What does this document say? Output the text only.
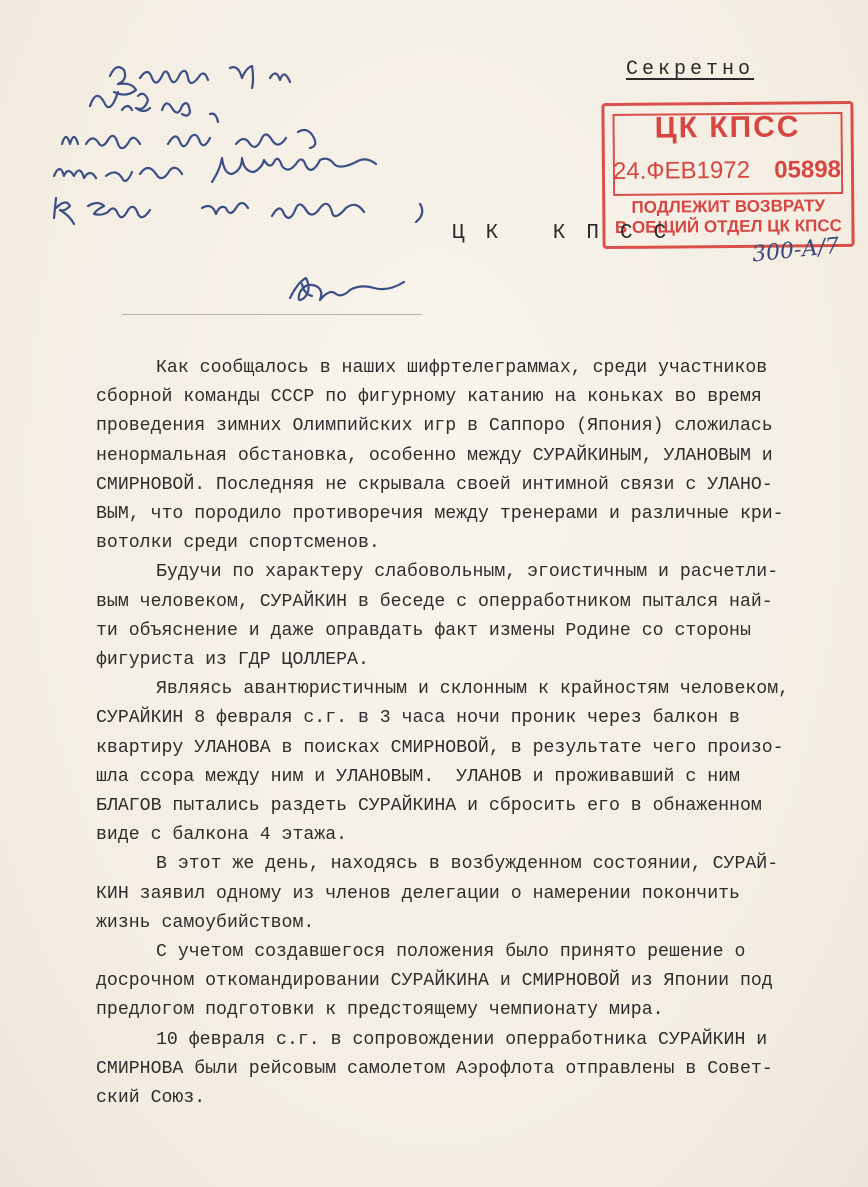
Секретно
ЦК КПСС
24.ФЕВ1972 05898
ПОДЛЕЖИТ ВОЗВРАТУ
В ОБЩИЙ ОТДЕЛ ЦК КПСС
ЦК КПСС	300-А/7
Как сообщалось в наших шифртелеграммах, среди участников
сборной команды СССР по фигурному катанию на коньках во время
проведения зимних Олимпийских игр в Саппоро (Япония) сложилась
ненормальная обстановка, особенно между СУРАЙКИНЫМ, УЛАНОВЫМ и
СМИРНОВОЙ. Последняя не скрывала своей интимной связи с УЛАНО-
ВЫМ, что породило противоречия между тренерами и различные кри-
вотолки среди спортсменов.
Будучи по характеру слабовольным, эгоистичным и расчетли-
вым человеком, СУРАЙКИН в беседе с оперработником пытался най-
ти объяснение и даже оправдать факт измены Родине со стороны
фигуриста из ГДР ЦОЛЛЕРА.
Являясь авантюристичным и склонным к крайностям человеком,
СУРАЙКИН 8 февраля с.г. в 3 часа ночи проник через балкон в
квартиру УЛАНОВА в поисках СМИРНОВОЙ, в результате чего произо-
шла ссора между ним и УЛАНОВЫМ.  УЛАНОВ и проживавший с ним
БЛАГОВ пытались раздеть СУРАЙКИНА и сбросить его в обнаженном
виде с балкона 4 этажа.
В этот же день, находясь в возбужденном состоянии, СУРАЙ-
КИН заявил одному из членов делегации о намерении покончить
жизнь самоубийством.
С учетом создавшегося положения было принято решение о
досрочном откомандировании СУРАЙКИНА и СМИРНОВОЙ из Японии под
предлогом подготовки к предстоящему чемпионату мира.
10 февраля с.г. в сопровождении оперработника СУРАЙКИН и
СМИРНОВА были рейсовым самолетом Аэрофлота отправлены в Совет-
ский Союз.
